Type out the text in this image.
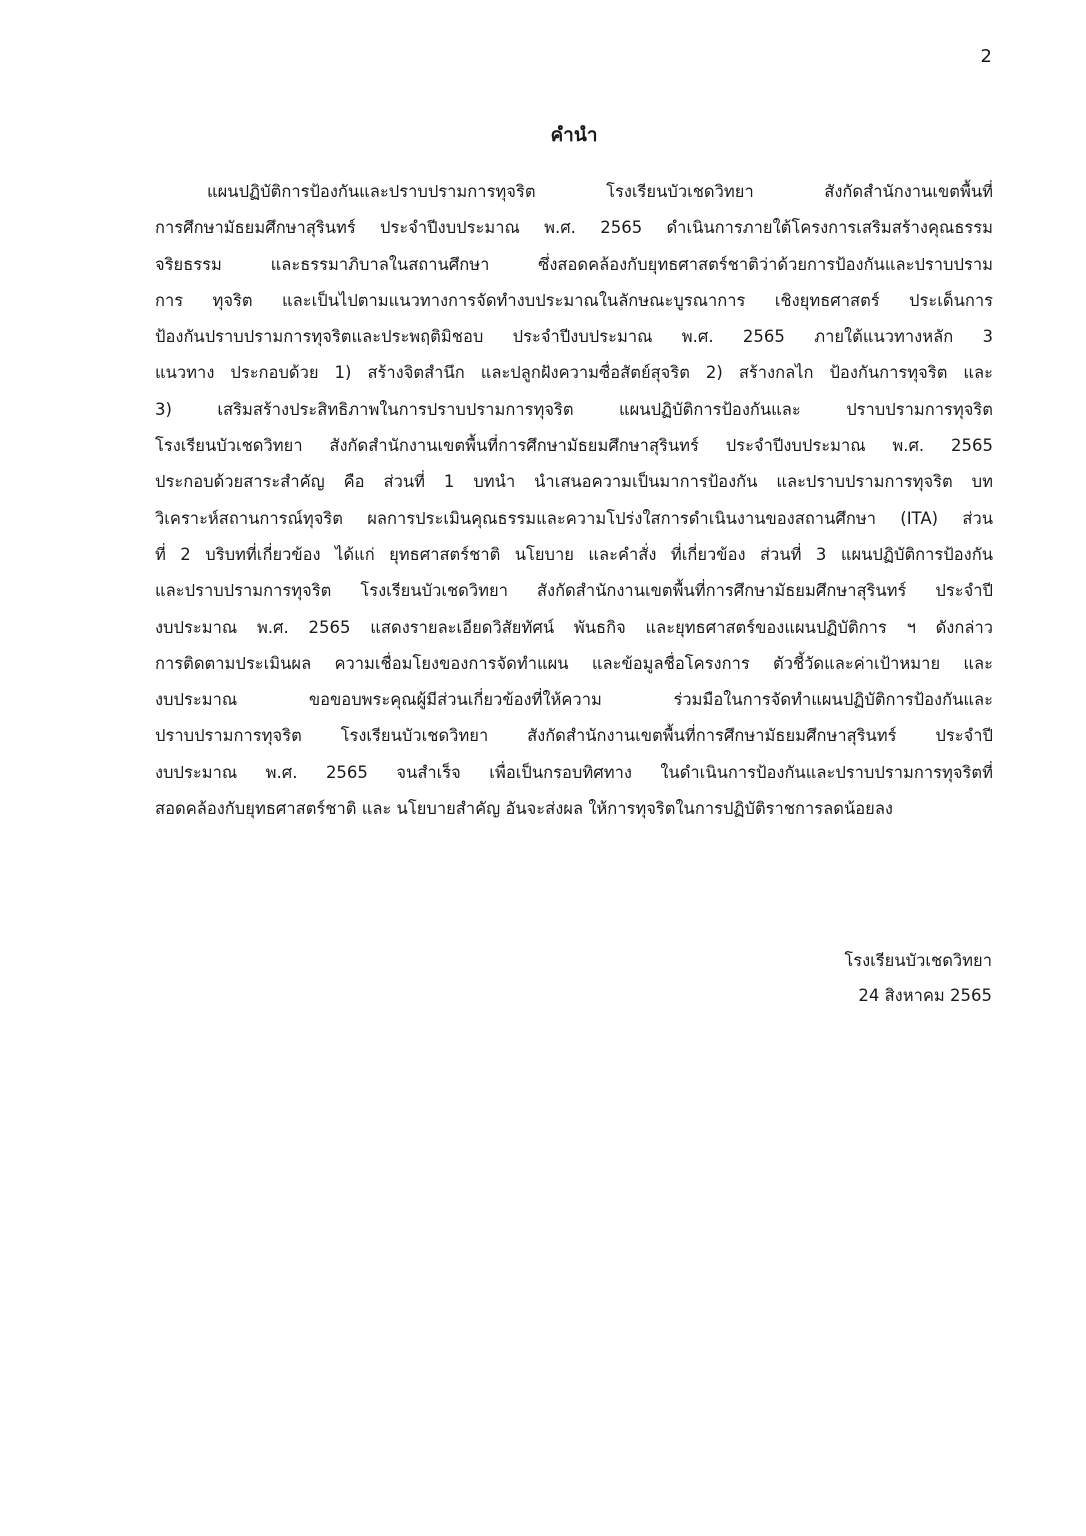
2
คำนำ
แผนปฏิบัติการป้องกันและปราบปรามการทุจริต โรงเรียนบัวเชดวิทยา สังกัดสำนักงานเขตพื้นที่
การศึกษามัธยมศึกษาสุรินทร์ ประจำปีงบประมาณ พ.ศ. 2565 ดำเนินการภายใต้โครงการเสริมสร้างคุณธรรม
จริยธรรม และธรรมาภิบาลในสถานศึกษา ซึ่งสอดคล้องกับยุทธศาสตร์ชาติว่าด้วยการป้องกันและปราบปราม
การ ทุจริต และเป็นไปตามแนวทางการจัดทำงบประมาณในลักษณะบูรณาการ เชิงยุทธศาสตร์ ประเด็นการ
ป้องกันปราบปรามการทุจริตและประพฤติมิชอบ ประจำปีงบประมาณ พ.ศ. 2565 ภายใต้แนวทางหลัก 3
แนวทาง ประกอบด้วย 1) สร้างจิตสำนึก และปลูกฝังความซื่อสัตย์สุจริต 2) สร้างกลไก ป้องกันการทุจริต และ
3) เสริมสร้างประสิทธิภาพในการปราบปรามการทุจริต แผนปฏิบัติการป้องกันและ ปราบปรามการทุจริต
โรงเรียนบัวเชดวิทยา สังกัดสำนักงานเขตพื้นที่การศึกษามัธยมศึกษาสุรินทร์ ประจำปีงบประมาณ พ.ศ. 2565
ประกอบด้วยสาระสำคัญ คือ ส่วนที่ 1 บทนำ นำเสนอความเป็นมาการป้องกัน และปราบปรามการทุจริต บท
วิเคราะห์สถานการณ์ทุจริต ผลการประเมินคุณธรรมและความโปร่งใสการดำเนินงานของสถานศึกษา (ITA) ส่วน
ที่ 2 บริบทที่เกี่ยวข้อง ได้แก่ ยุทธศาสตร์ชาติ นโยบาย และคำสั่ง ที่เกี่ยวข้อง ส่วนที่ 3 แผนปฏิบัติการป้องกัน
และปราบปรามการทุจริต โรงเรียนบัวเชดวิทยา สังกัดสำนักงานเขตพื้นที่การศึกษามัธยมศึกษาสุรินทร์ ประจำปี
งบประมาณ พ.ศ. 2565 แสดงรายละเอียดวิสัยทัศน์ พันธกิจ และยุทธศาสตร์ของแผนปฏิบัติการ ฯ ดังกล่าว
การติดตามประเมินผล ความเชื่อมโยงของการจัดทำแผน และข้อมูลชื่อโครงการ ตัวชี้วัดและค่าเป้าหมาย และ
งบประมาณ ขอขอบพระคุณผู้มีส่วนเกี่ยวข้องที่ให้ความ ร่วมมือในการจัดทำแผนปฏิบัติการป้องกันและ
ปราบปรามการทุจริต โรงเรียนบัวเชดวิทยา สังกัดสำนักงานเขตพื้นที่การศึกษามัธยมศึกษาสุรินทร์ ประจำปี
งบประมาณ พ.ศ. 2565 จนสำเร็จ เพื่อเป็นกรอบทิศทาง ในดำเนินการป้องกันและปราบปรามการทุจริตที่
สอดคล้องกับยุทธศาสตร์ชาติ และ นโยบายสำคัญ อันจะส่งผล ให้การทุจริตในการปฏิบัติราชการลดน้อยลง
โรงเรียนบัวเชดวิทยา
24 สิงหาคม 2565
